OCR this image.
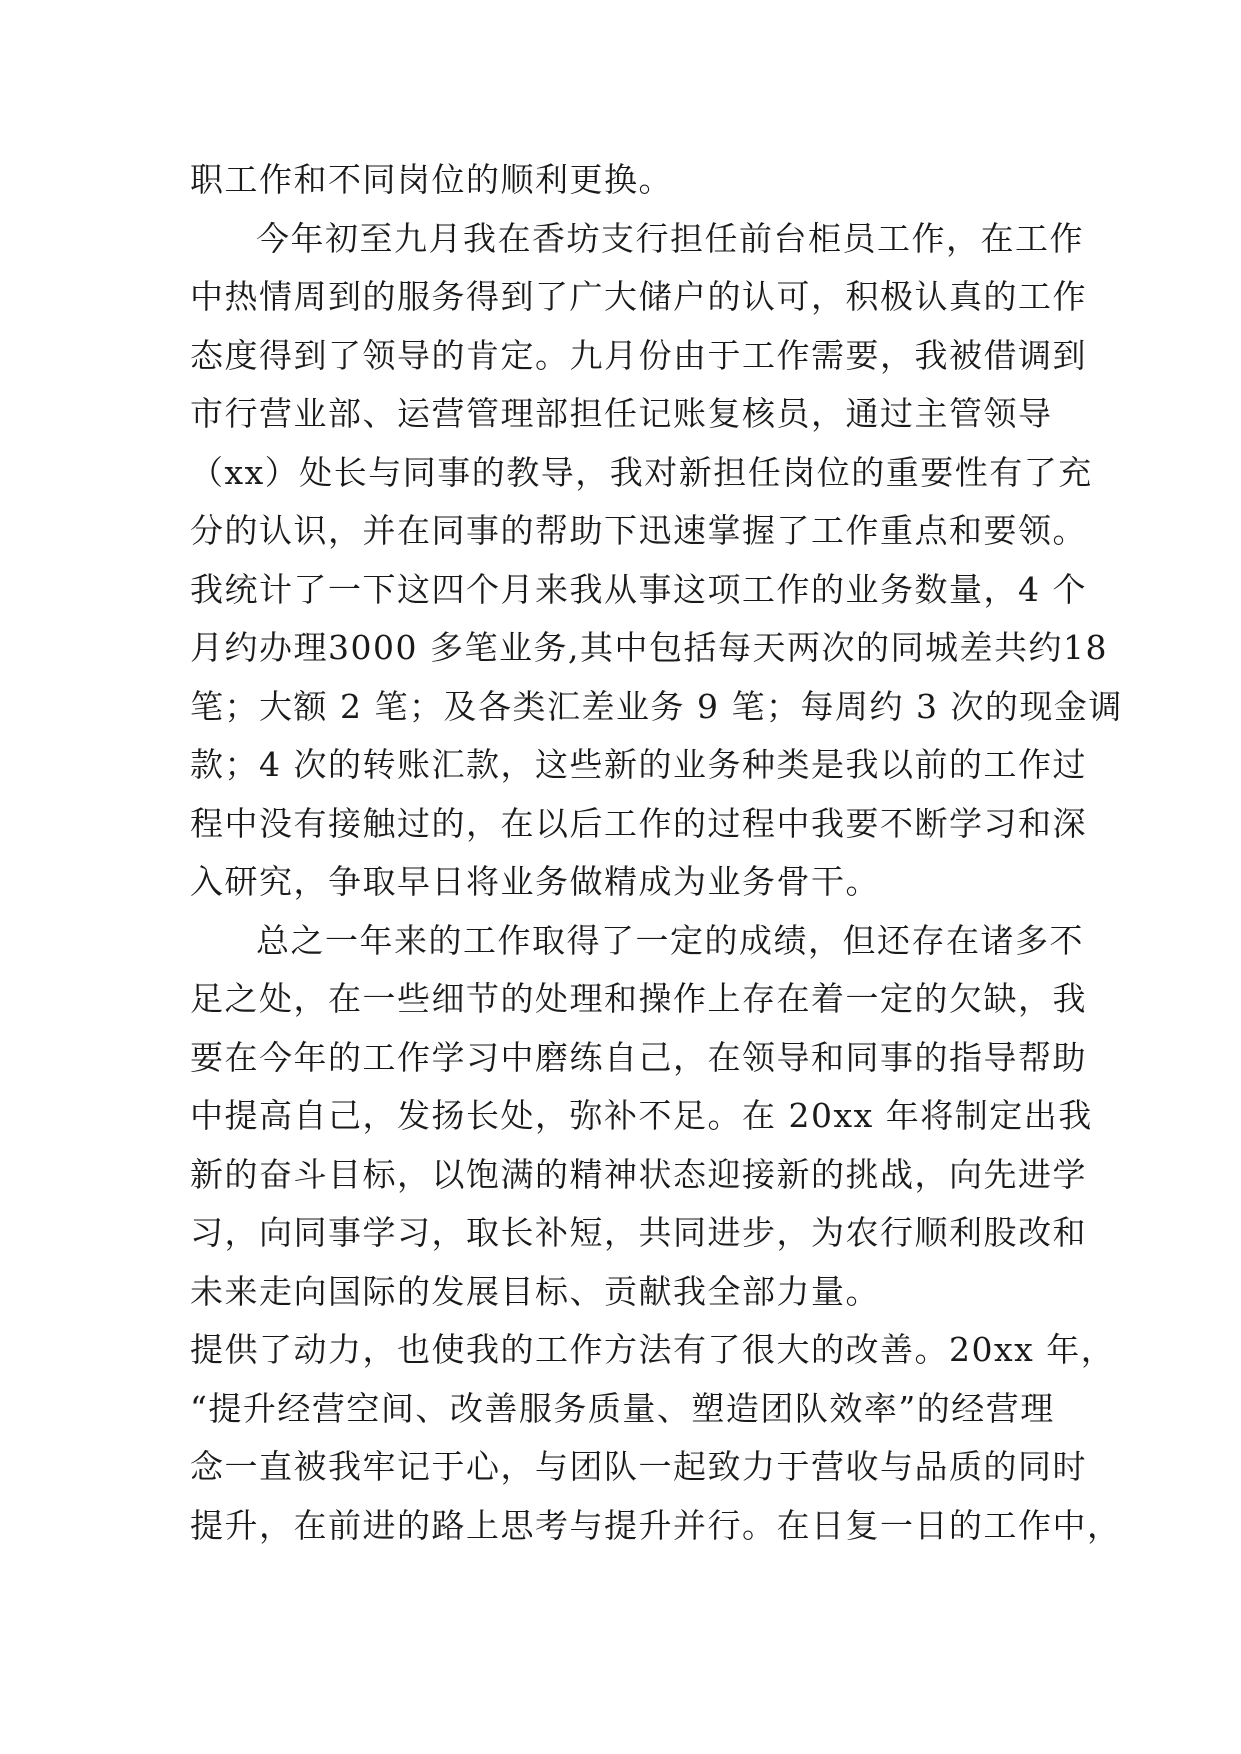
职工作和不同岗位的顺利更换。
今年初至九月我在香坊支行担任前台柜员工作，在工作
中热情周到的服务得到了广大储户的认可，积极认真的工作
态度得到了领导的肯定。九月份由于工作需要，我被借调到
市行营业部、运营管理部担任记账复核员，通过主管领导
（xx）处长与同事的教导，我对新担任岗位的重要性有了充
分的认识，并在同事的帮助下迅速掌握了工作重点和要领。
我统计了一下这四个月来我从事这项工作的业务数量，4 个
月约办理3000 多笔业务,其中包括每天两次的同城差共约18
笔；大额 2 笔；及各类汇差业务 9 笔；每周约 3 次的现金调
款；4 次的转账汇款，这些新的业务种类是我以前的工作过
程中没有接触过的，在以后工作的过程中我要不断学习和深
入研究，争取早日将业务做精成为业务骨干。
总之一年来的工作取得了一定的成绩，但还存在诸多不
足之处，在一些细节的处理和操作上存在着一定的欠缺，我
要在今年的工作学习中磨练自己，在领导和同事的指导帮助
中提高自己，发扬长处，弥补不足。在 20xx 年将制定出我
新的奋斗目标，以饱满的精神状态迎接新的挑战，向先进学
习，向同事学习，取长补短，共同进步，为农行顺利股改和
未来走向国际的发展目标、贡献我全部力量。
提供了动力，也使我的工作方法有了很大的改善。20xx 年，
“提升经营空间、改善服务质量、塑造团队效率”的经营理
念一直被我牢记于心，与团队一起致力于营收与品质的同时
提升，在前进的路上思考与提升并行。在日复一日的工作中，
